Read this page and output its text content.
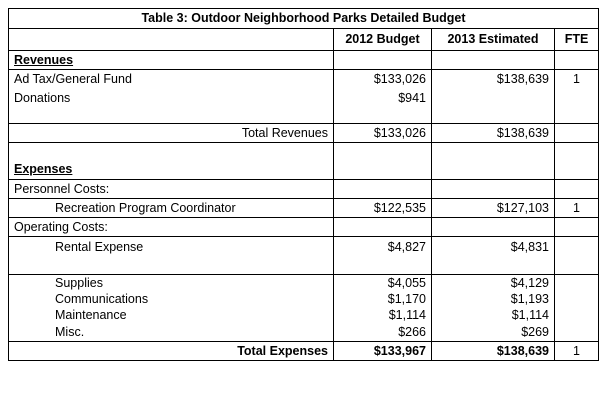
Table 3: Outdoor Neighborhood Parks Detailed Budget			
	2012 Budget	2013 Estimated	FTE
Revenues			
Ad Tax/General Fund	$133,026	$138,639	1
Donations	$941		
Total Revenues	$133,026	$138,639	
Expenses			
Personnel Costs:			
Recreation Program Coordinator	$122,535	$127,103	1
Operating Costs:			
Rental Expense	$4,827	$4,831	
Supplies	$4,055	$4,129	
Communications	$1,170	$1,193	
Maintenance	$1,114	$1,114	
Misc.	$266	$269	
Total Expenses	$133,967	$138,639	1
